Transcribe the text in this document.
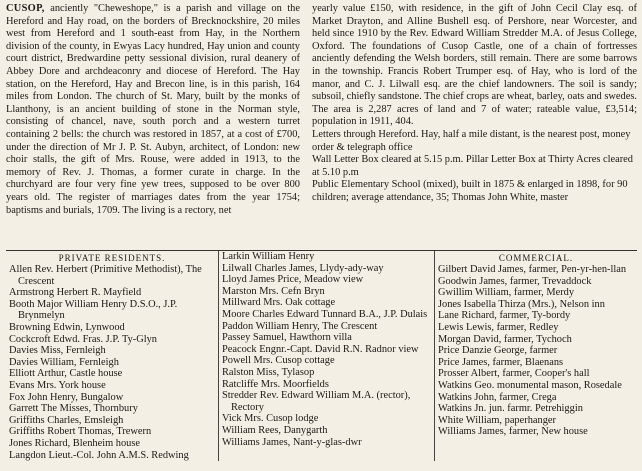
CUSOP, anciently "Cheweshope," is a parish and village on the Hereford and Hay road, on the borders of Brecknockshire, 20 miles west from Hereford and 1 south-east from Hay, in the Northern division of the county, in Ewyas Lacy hundred, Hay union and county court district, Bredwardine petty sessional division, rural deanery of Abbey Dore and archdeaconry and diocese of Hereford. The Hay station, on the Hereford, Hay and Brecon line, is in this parish, 164 miles from London. The church of St. Mary, built by the monks of Llanthony, is an ancient building of stone in the Norman style, consisting of chancel, nave, south porch and a western turret containing 2 bells: the church was restored in 1857, at a cost of £700, under the direction of Mr J. P. St. Aubyn, architect, of London: new choir stalls, the gift of Mrs. Rouse, were added in 1913, to the memory of Rev. J. Thomas, a former curate in charge. In the churchyard are four very fine yew trees, supposed to be over 800 years old. The register of marriages dates from the year 1754; baptisms and burials, 1709. The living is a rectory, net

yearly value £150, with residence, in the gift of John Cecil Clay esq. of Market Drayton, and Alline Bushell esq. of Pershore, near Worcester, and held since 1910 by the Rev. Edward William Stredder M.A. of Jesus College, Oxford. The foundations of Cusop Castle, one of a chain of fortresses anciently defending the Welsh borders, still remain. There are some barrows in the township. Francis Robert Trumper esq. of Hay, who is lord of the manor, and C. J. Lilwall esq. are the chief landowners. The soil is sandy; subsoil, chiefly sandstone. The chief crops are wheat, barley, oats and swedes. The area is 2,287 acres of land and 7 of water; rateable value, £3,514; population in 1911, 404.

Letters through Hereford. Hay, half a mile distant, is the nearest post, money order & telegraph office

Wall Letter Box cleared at 5.15 p.m. Pillar Letter Box at Thirty Acres cleared at 5.10 p.m

Public Elementary School (mixed), built in 1875 & enlarged in 1898, for 90 children; average attendance, 35; Thomas John White, master

PRIVATE RESIDENTS.
Allen Rev. Herbert (Primitive Methodist), The Crescent
Armstrong Herbert R. Mayfield
Booth Major William Henry D.S.O., J.P. Brynmelyn
Browning Edwin, Lynwood
Cockcroft Edwd. Fras. J.P. Ty-Glyn
Davies Miss, Fernleigh
Davies William, Fernleigh
Elliott Arthur, Castle house
Evans Mrs. York house
Fox John Henry, Bungalow
Garrett The Misses, Thornbury
Griffiths Charles, Emsleigh
Griffiths Robert Thomas, Trewern
Jones Richard, Blenheim house
Langdon Lieut.-Col. John A.M.S. Redwing
Larkin William Henry
Lilwall Charles James, Llydy-ady-way
Lloyd James Price, Meadow view
Marston Mrs. Cefn Bryn
Millward Mrs. Oak cottage
Moore Charles Edward Tunnard B.A., J.P. Dulais
Paddon William Henry, The Crescent
Passey Samuel, Hawthorn villa
Peacock Engnr.-Capt. David R.N. Radnor view
Powell Mrs. Cusop cottage
Ralston Miss, Tylasop
Ratcliffe Mrs. Moorfields
Stredder Rev. Edward William M.A. (rector), Rectory
Vick Mrs. Cusop lodge
William Rees, Danygarth
Williams James, Nant-y-glas-dwr
COMMERCIAL.
Gilbert David James, farmer, Pen-yr-hen-llan
Goodwin James, farmer, Trevaddock
Gwillim William, farmer, Merdy
Jones Isabella Thirza (Mrs.), Nelson inn
Lane Richard, farmer, Ty-bordy
Lewis Lewis, farmer, Redley
Morgan David, farmer, Tychoch
Price Danzie George, farmer
Price James, farmer, Blaenans
Prosser Albert, farmer, Cooper's hall
Watkins Geo. monumental mason, Rosedale
Watkins John, farmer, Crega
Watkins Jn. jun. farmr. Petrehiggin
White William, paperhanger
Williams James, farmer, New house
